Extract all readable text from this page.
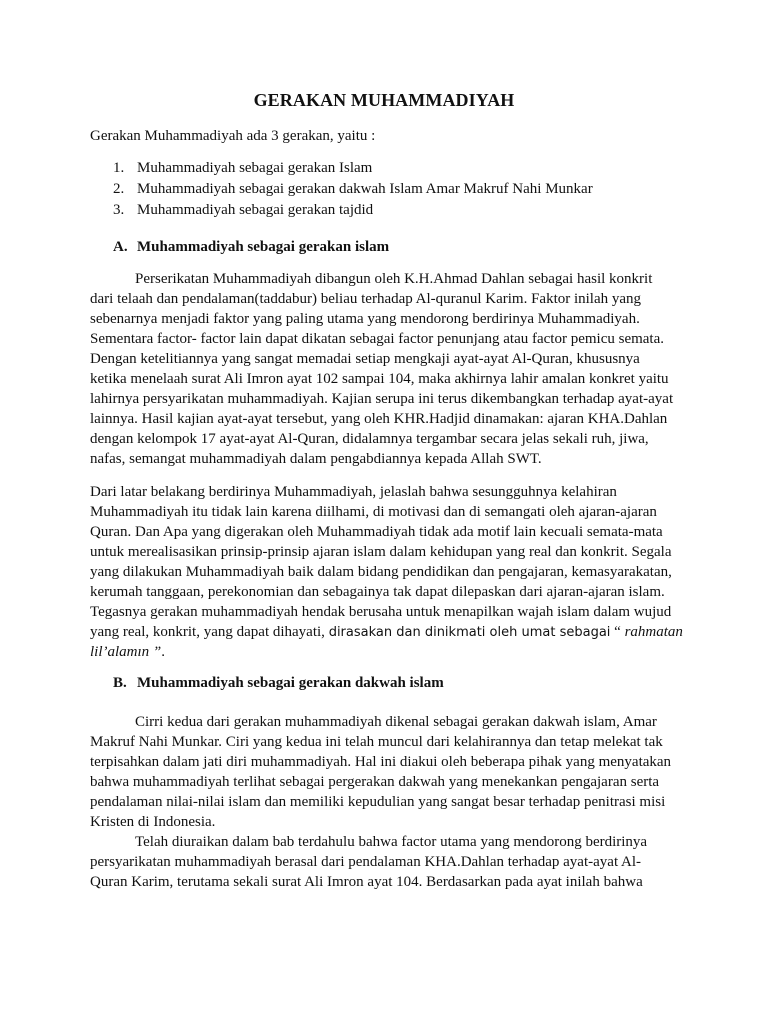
GERAKAN MUHAMMADIYAH

Gerakan Muhammadiyah ada 3 gerakan, yaitu :

1. Muhammadiyah sebagai gerakan Islam
2. Muhammadiyah sebagai gerakan dakwah Islam Amar Makruf Nahi Munkar
3. Muhammadiyah sebagai gerakan tajdid
A. Muhammadiyah sebagai gerakan islam
Perserikatan Muhammadiyah dibangun oleh K.H.Ahmad Dahlan sebagai hasil konkrit
dari telaah dan pendalaman(taddabur) beliau terhadap Al-quranul Karim. Faktor inilah yang
sebenarnya menjadi faktor yang paling utama yang mendorong berdirinya Muhammadiyah.
Sementara factor- factor lain dapat dikatan sebagai factor penunjang atau factor pemicu semata.
Dengan ketelitiannya yang sangat memadai setiap mengkaji ayat-ayat Al-Quran, khususnya
ketika menelaah surat Ali Imron ayat 102 sampai 104, maka akhirnya lahir amalan konkret yaitu
lahirnya persyarikatan muhammadiyah. Kajian serupa ini terus dikembangkan terhadap ayat-ayat
lainnya. Hasil kajian ayat-ayat tersebut, yang oleh KHR.Hadjid dinamakan: ajaran KHA.Dahlan
dengan kelompok 17 ayat-ayat Al-Quran, didalamnya tergambar secara jelas sekali ruh, jiwa,
nafas, semangat muhammadiyah dalam pengabdiannya kepada Allah SWT.
Dari latar belakang berdirinya Muhammadiyah, jelaslah bahwa sesungguhnya kelahiran
Muhammadiyah itu tidak lain karena diilhami, di motivasi dan di semangati oleh ajaran-ajaran
Quran. Dan Apa yang digerakan oleh Muhammadiyah tidak ada motif lain kecuali semata-mata
untuk merealisasikan prinsip-prinsip ajaran islam dalam kehidupan yang real dan konkrit. Segala
yang dilakukan Muhammadiyah baik dalam bidang pendidikan dan pengajaran, kemasyarakatan,
kerumah tanggaan, perekonomian dan sebagainya tak dapat dilepaskan dari ajaran-ajaran islam.
Tegasnya gerakan muhammadiyah hendak berusaha untuk menapilkan wajah islam dalam wujud
yang real, konkrit, yang dapat dihayati, dirasakan dan dinikmati oleh umat sebagai “ rahmatan
lil’alamın ”.
B. Muhammadiyah sebagai gerakan dakwah islam
Cirri kedua dari gerakan muhammadiyah dikenal sebagai gerakan dakwah islam, Amar
Makruf Nahi Munkar. Ciri yang kedua ini telah muncul dari kelahirannya dan tetap melekat tak
terpisahkan dalam jati diri muhammadiyah. Hal ini diakui oleh beberapa pihak yang menyatakan
bahwa muhammadiyah terlihat sebagai pergerakan dakwah yang menekankan pengajaran serta
pendalaman nilai-nilai islam dan memiliki kepudulian yang sangat besar terhadap penitrasi misi
Kristen di Indonesia.
Telah diuraikan dalam bab terdahulu bahwa factor utama yang mendorong berdirinya
persyarikatan muhammadiyah berasal dari pendalaman KHA.Dahlan terhadap ayat-ayat Al-
Quran Karim, terutama sekali surat Ali Imron ayat 104. Berdasarkan pada ayat inilah bahwa
